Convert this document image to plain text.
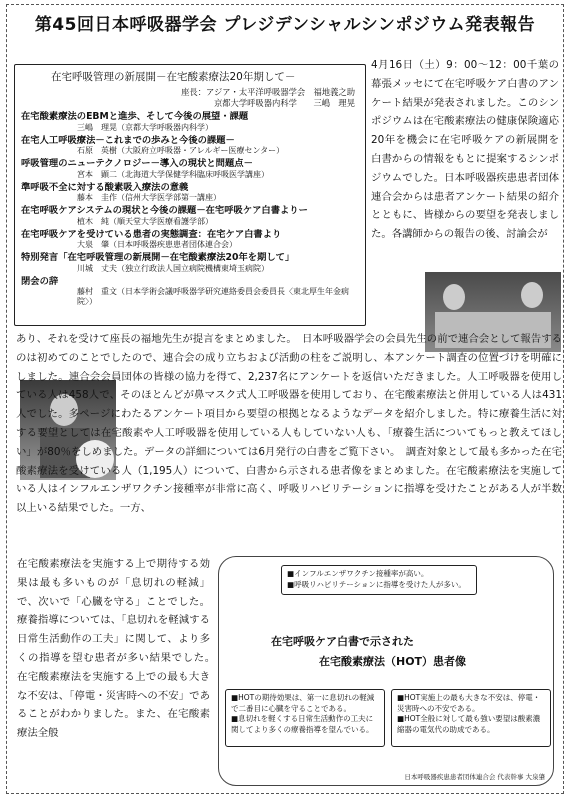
第45回日本呼吸器学会 プレジデンシャルシンポジウム発表報告
在宅呼吸管理の新展開－在宅酸素療法20年期して－
座長：アジア・太平洋呼吸器学会　福地義之助
京都大学呼吸器内科学　　三嶋　理晃
在宅酸素療法のEBMと進歩、そして今後の展望・課題
三嶋　理晃（京都大学呼吸器内科学）
在宅人工呼吸療法－これまでの歩みと今後の課題－
石原　英樹（大阪府立呼吸器・アレルギー医療センター）
呼吸管理のニューテクノロジー－導入の現状と問題点－
宮本　顕二（北海道大学保健学科臨床呼吸医学講座）
準呼吸不全に対する酸素吸入療法の意義
藤本　圭作（信州大学医学部第一講座）
在宅呼吸ケアシステムの現状と今後の課題－在宅呼吸ケア白書よりー
植木　純（順天堂大学医療看護学部）
在宅呼吸ケアを受けている患者の実態調査：在宅ケア白書より
大泉　肇（日本呼吸器疾患患者団体連合会）
特別発言「在宅呼吸管理の新展開－在宅酸素療法20年を期して」
川城　丈夫（独立行政法人国立病院機構東埼玉病院）
閉会の辞
藤村　重文（日本学術会議呼吸器学研究連絡委員会委員長〈東北厚生年金病院〉）
4月16日（土）9：00～12：00千葉の幕張メッセにて在宅呼吸ケア白書のアンケート結果が発表されました。このシンポジウムは在宅酸素療法の健康保険適応20年を機会に在宅呼吸ケアの新展開を白書からの情報をもとに提案するシンポジウムでした。日本呼吸器疾患患者団体連合会からは患者アンケート結果の紹介とともに、皆様からの要望を発表しました。各講師からの報告の後、討論会が
あり、それを受けて座長の福地先生が提言をまとめました。　日本呼吸器学会の会員先生の前で連合会として報告するのは初めてのことでしたので、連合会の成り立ちおよび活動の柱をご説明し、本アンケート調査の位置づけを明確にしました。連合会会員団体の皆様の協力を得て、2,237名にアンケートを返信いただきました。人工呼吸器を使用している人は458人で、そのほとんどが鼻マスク式人工呼吸器を使用しており、在宅酸素療法と併用している人は431人でした。多ページにわたるアンケート項目から要望の根拠となるようなデータを紹介しました。特に療養生活に対する要望としては在宅酸素や人工呼吸器を使用している人もしていない人も、「療養生活についてもっと教えてほしい」が80％をしめました。データの詳細については6月発行の白書をご覧下さい。　調査対象として最も多かった在宅酸素療法を受けている人（1,195人）について、白書から示される患者像をまとめました。在宅酸素療法を実施している人はインフルエンザワクチン接種率が非常に高く、呼吸リハビリテーションに指導を受けたことがある人が半数以上いる結果でした。一方、
在宅酸素療法を実施する上で期待する効果は最も多いものが「息切れの軽減」で、次いで「心臓を守る」ことでした。療養指導については、「息切れを軽減する日常生活動作の工夫」に関して、より多くの指導を望む患者が多い結果でした。　在宅酸素療法を実施する上での最も大きな不安は、「停電・災害時への不安」であることがわかりました。また、在宅酸素療法全般
■インフルエンザワクチン接種率が高い。
■呼吸リハビリテーションに指導を受けた人が多い。
在宅呼吸ケア白書で示された
在宅酸素療法（HOT）患者像
■HOTの期待効果は、第一に息切れの軽減で二番目に心臓を守ることである。
■息切れを軽くする日常生活動作の工夫に関してより多くの療養指導を望んでいる。
■HOT実施上の最も大きな不安は、停電・災害時への不安である。
■HOT全般に対して最も強い要望は酸素濃縮器の電気代の助成である。
日本呼吸器疾患患者団体連合会 代表幹事 大泉肇
